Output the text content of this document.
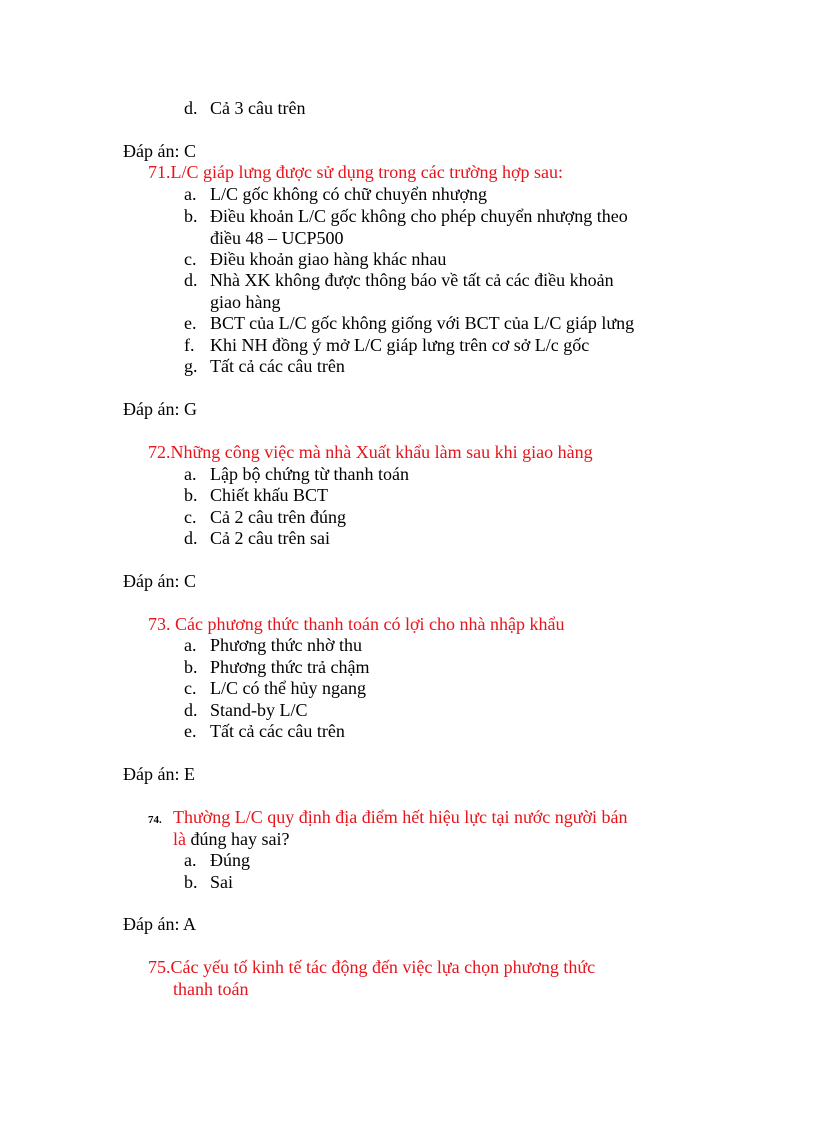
d. Cả 3 câu trên
Đáp án: C
71.L/C giáp lưng được sử dụng trong các trường hợp sau:
a. L/C gốc không có chữ chuyển nhượng
b. Điều khoản L/C gốc không cho phép chuyển nhượng theo
điều 48 – UCP500
c. Điều khoản giao hàng khác nhau
d. Nhà XK không được thông báo về tất cả các điều khoản
giao hàng
e. BCT của L/C gốc không giống với BCT của L/C giáp lưng
f. Khi NH đồng ý mở L/C giáp lưng trên cơ sở L/c gốc
g. Tất cả các câu trên
Đáp án: G
72.Những công việc mà nhà Xuất khẩu làm sau khi giao hàng
a. Lập bộ chứng từ thanh toán
b. Chiết khấu BCT
c. Cả 2 câu trên đúng
d. Cả 2 câu trên sai
Đáp án: C
73. Các phương thức thanh toán có lợi cho nhà nhập khẩu
a. Phương thức nhờ thu
b. Phương thức trả chậm
c. L/C có thể hủy ngang
d. Stand-by L/C
e. Tất cả các câu trên
Đáp án: E
74. Thường L/C quy định địa điểm hết hiệu lực tại nước người bán
là đúng hay sai?
a. Đúng
b. Sai
Đáp án: A
75.Các yếu tố kinh tế tác động đến việc lựa chọn phương thức
thanh toán
